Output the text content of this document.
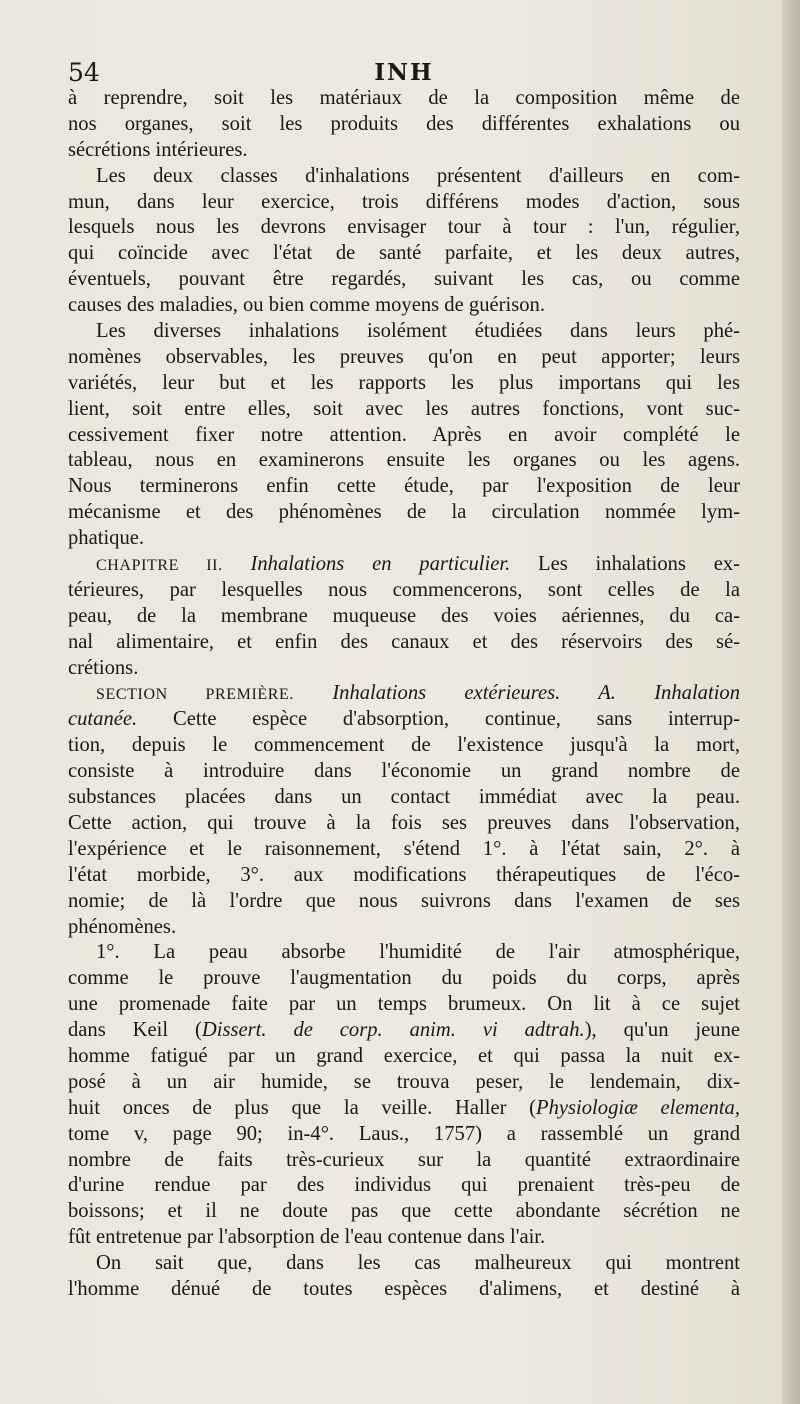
54	INH
à reprendre, soit les matériaux de la composition même de
nos organes, soit les produits des différentes exhalations ou
sécrétions intérieures.
Les deux classes d'inhalations présentent d'ailleurs en com-
mun, dans leur exercice, trois différens modes d'action, sous
lesquels nous les devrons envisager tour à tour : l'un, régulier,
qui coïncide avec l'état de santé parfaite, et les deux autres,
éventuels, pouvant être regardés, suivant les cas, ou comme
causes des maladies, ou bien comme moyens de guérison.
Les diverses inhalations isolément étudiées dans leurs phé-
nomènes observables, les preuves qu'on en peut apporter; leurs
variétés, leur but et les rapports les plus importans qui les
lient, soit entre elles, soit avec les autres fonctions, vont suc-
cessivement fixer notre attention. Après en avoir complété le
tableau, nous en examinerons ensuite les organes ou les agens.
Nous terminerons enfin cette étude, par l'exposition de leur
mécanisme et des phénomènes de la circulation nommée lym-
phatique.
CHAPITRE II. Inhalations en particulier. Les inhalations ex-
térieures, par lesquelles nous commencerons, sont celles de la
peau, de la membrane muqueuse des voies aériennes, du ca-
nal alimentaire, et enfin des canaux et des réservoirs des sé-
crétions.
SECTION PREMIÈRE. Inhalations extérieures. A. Inhalation
cutanée. Cette espèce d'absorption, continue, sans interrup-
tion, depuis le commencement de l'existence jusqu'à la mort,
consiste à introduire dans l'économie un grand nombre de
substances placées dans un contact immédiat avec la peau.
Cette action, qui trouve à la fois ses preuves dans l'observation,
l'expérience et le raisonnement, s'étend 1°. à l'état sain, 2°. à
l'état morbide, 3°. aux modifications thérapeutiques de l'éco-
nomie; de là l'ordre que nous suivrons dans l'examen de ses
phénomènes.
1°. La peau absorbe l'humidité de l'air atmosphérique,
comme le prouve l'augmentation du poids du corps, après
une promenade faite par un temps brumeux. On lit à ce sujet
dans Keil (Dissert. de corp. anim. vi adtrah.), qu'un jeune
homme fatigué par un grand exercice, et qui passa la nuit ex-
posé à un air humide, se trouva peser, le lendemain, dix-
huit onces de plus que la veille. Haller (Physiologiæ elementa,
tome v, page 90; in-4°. Laus., 1757) a rassemblé un grand
nombre de faits très-curieux sur la quantité extraordinaire
d'urine rendue par des individus qui prenaient très-peu de
boissons; et il ne doute pas que cette abondante sécrétion ne
fût entretenue par l'absorption de l'eau contenue dans l'air.
On sait que, dans les cas malheureux qui montrent
l'homme dénué de toutes espèces d'alimens, et destiné à
